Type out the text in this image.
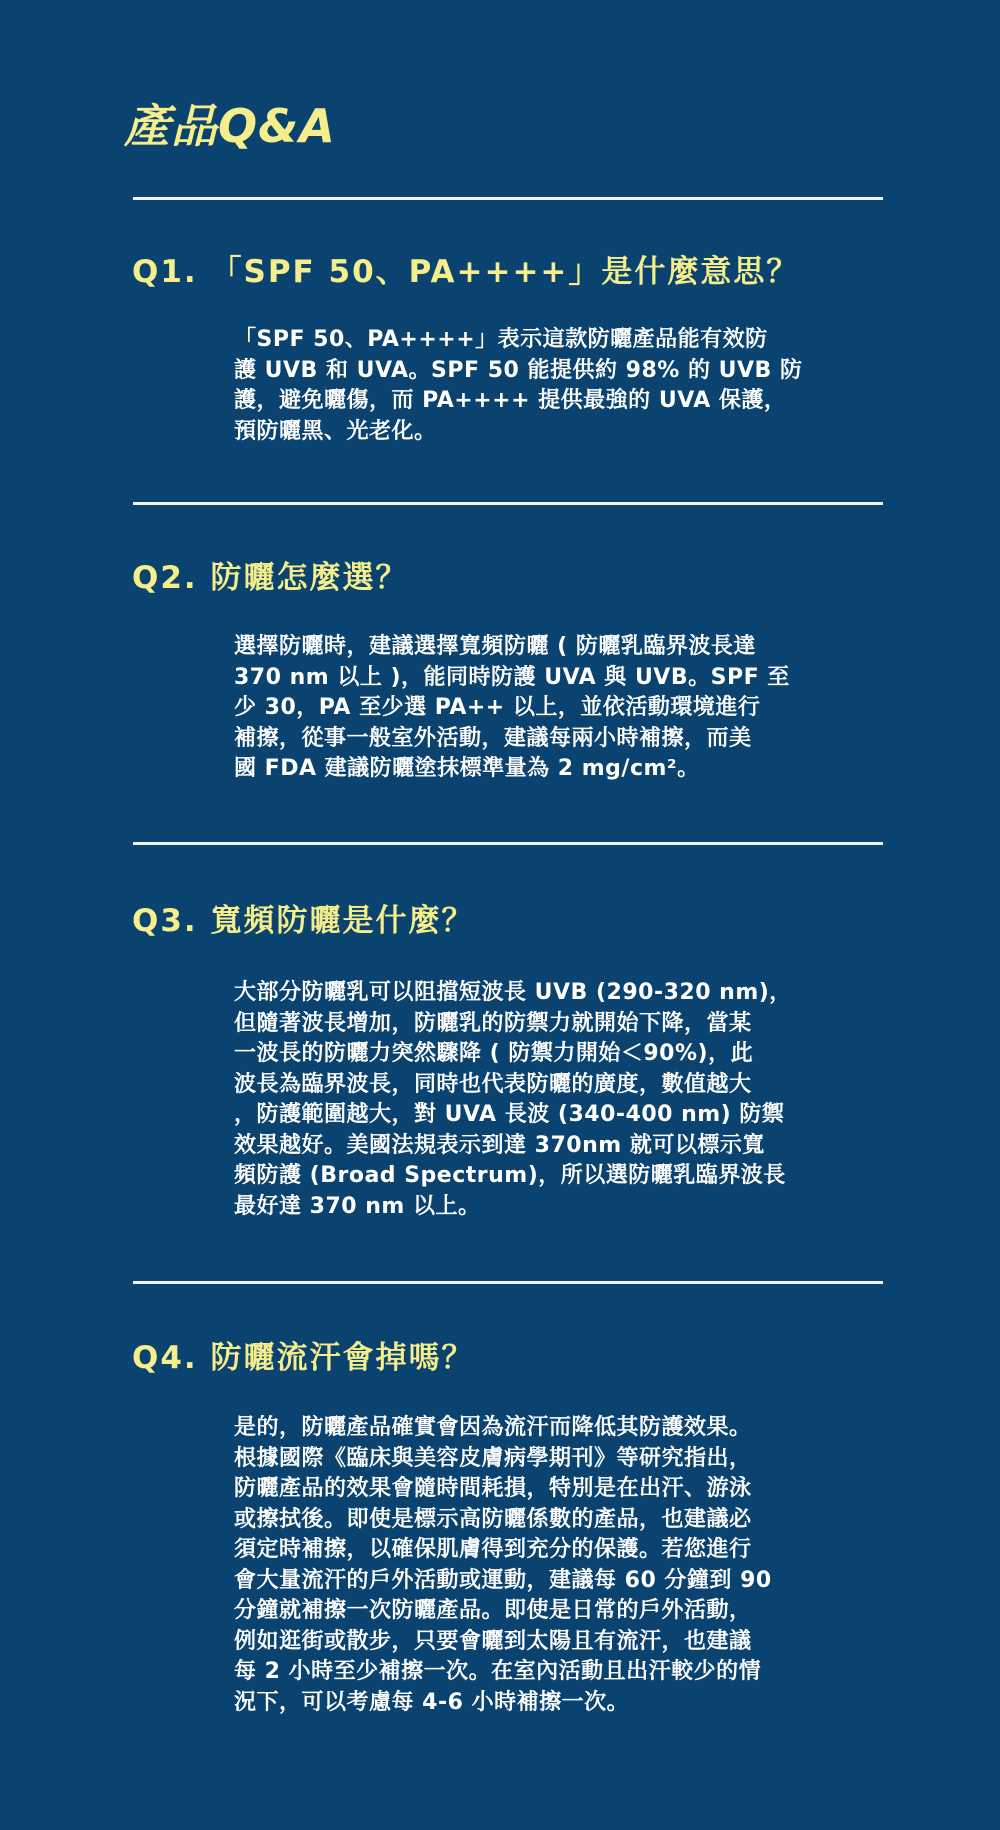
產品Q&A
Q1. 「SPF 50、PA++++」是什麼意思？

「SPF 50、PA++++」表示這款防曬產品能有效防
護 UVB 和 UVA。SPF 50 能提供約 98% 的 UVB 防
護，避免曬傷，而 PA++++ 提供最強的 UVA 保護，
預防曬黑、光老化。

Q2. 防曬怎麼選？

選擇防曬時，建議選擇寬頻防曬 ( 防曬乳臨界波長達
370 nm 以上 )，能同時防護 UVA 與 UVB。SPF 至
少 30，PA 至少選 PA++ 以上，並依活動環境進行
補擦，從事一般室外活動，建議每兩小時補擦，而美
國 FDA 建議防曬塗抹標準量為 2 mg/cm²。

Q3. 寬頻防曬是什麼？

大部分防曬乳可以阻擋短波長 UVB (290-320 nm)，
但隨著波長增加，防曬乳的防禦力就開始下降，當某
一波長的防曬力突然驟降 ( 防禦力開始＜90%)，此
波長為臨界波長，同時也代表防曬的廣度，數值越大
，防護範圍越大，對 UVA 長波 (340-400 nm) 防禦
效果越好。美國法規表示到達 370nm 就可以標示寬
頻防護 (Broad Spectrum)，所以選防曬乳臨界波長
最好達 370 nm 以上。

Q4. 防曬流汗會掉嗎？

是的，防曬產品確實會因為流汗而降低其防護效果。
根據國際《臨床與美容皮膚病學期刊》等研究指出，
防曬產品的效果會隨時間耗損，特別是在出汗、游泳
或擦拭後。即使是標示高防曬係數的產品，也建議必
須定時補擦，以確保肌膚得到充分的保護。若您進行
會大量流汗的戶外活動或運動，建議每 60 分鐘到 90
分鐘就補擦一次防曬產品。即使是日常的戶外活動，
例如逛街或散步，只要會曬到太陽且有流汗，也建議
每 2 小時至少補擦一次。在室內活動且出汗較少的情
況下，可以考慮每 4-6 小時補擦一次。
